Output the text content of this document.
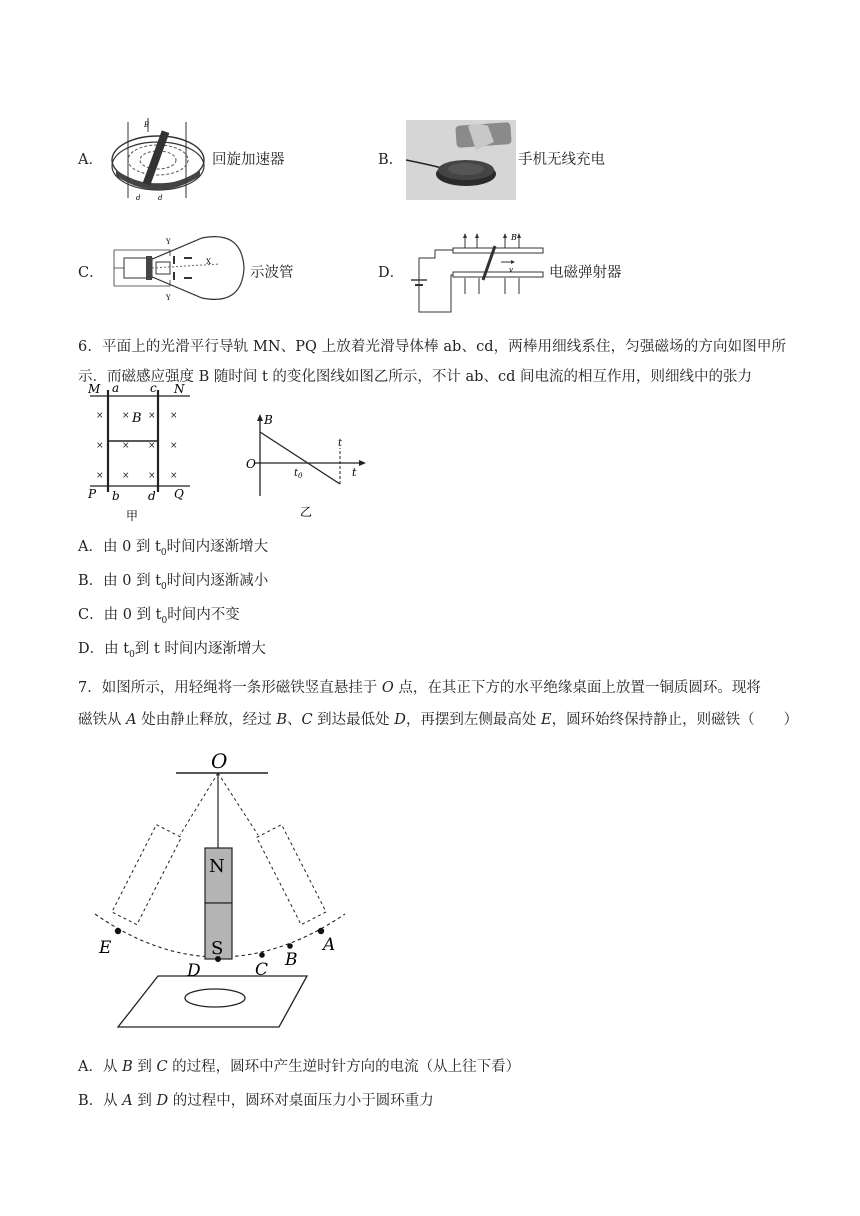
A．
B
d	d
回旋加速器	B．	手机无线充电
C．
Y
Y
X
示波管	D．
B
v 电磁弹射器
6．平面上的光滑平行导轨 MN、PQ 上放着光滑导体棒 ab、cd，两棒用细线系住，匀强磁场的方向如图甲所示．而磁感应强度 B 随时间 t 的变化图线如图乙所示，不计 ab、cd 间电流的相互作用，则细线中的张力
× × × ×
× × × ×
× × × ×
M a	c N
B
P b d Q
甲
B
O
$t_0$
t
t
乙
A．由 0 到 $t_0$时间内逐渐增大
B．由 0 到 $t_0$时间内逐渐减小
C．由 0 到 $t_0$时间内不变
D．由 $t_0$到 t 时间内逐渐增大
7．如图所示，用轻绳将一条形磁铁竖直悬挂于 O 点，在其正下方的水平绝缘桌面上放置一铜质圆环。现将
磁铁从 A 处由静止释放，经过 B、C 到达最低处 D，再摆到左侧最高处 E，圆环始终保持静止，则磁铁（　　）
O
N
S	A
B
C
D
E
A．从 B 到 C 的过程，圆环中产生逆时针方向的电流（从上往下看）
B．从 A 到 D 的过程中，圆环对桌面压力小于圆环重力
